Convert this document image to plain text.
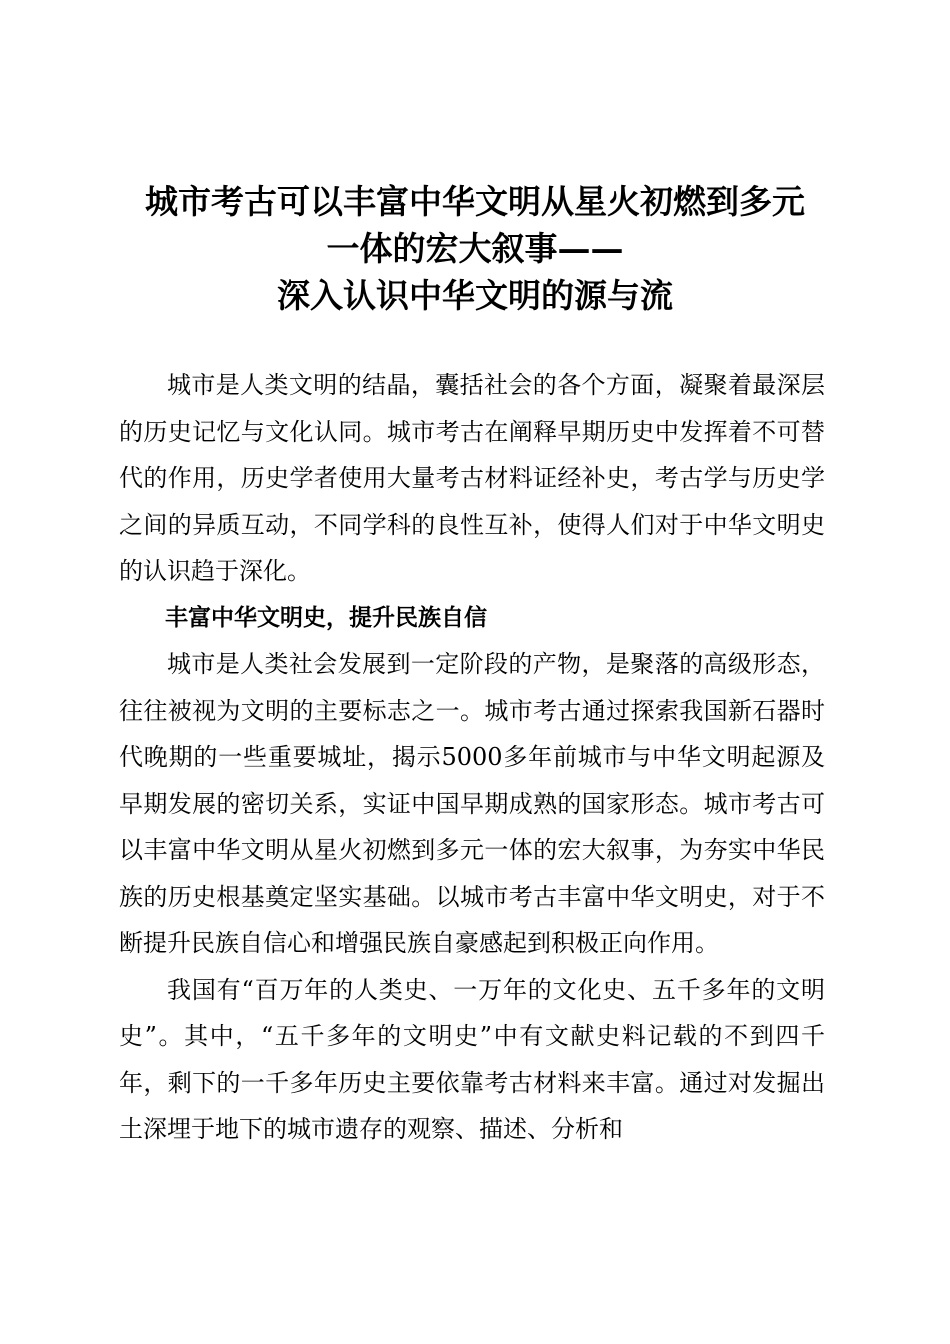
城市考古可以丰富中华文明从星火初燃到多元
一体的宏大叙事——
深入认识中华文明的源与流

城市是人类文明的结晶，囊括社会的各个方面，凝聚着最深层的历史记忆与文化认同。城市考古在阐释早期历史中发挥着不可替代的作用，历史学者使用大量考古材料证经补史，考古学与历史学之间的异质互动，不同学科的良性互补，使得人们对于中华文明史的认识趋于深化。

丰富中华文明史，提升民族自信

城市是人类社会发展到一定阶段的产物，是聚落的高级形态，往往被视为文明的主要标志之一。城市考古通过探索我国新石器时代晚期的一些重要城址，揭示5000多年前城市与中华文明起源及早期发展的密切关系，实证中国早期成熟的国家形态。城市考古可以丰富中华文明从星火初燃到多元一体的宏大叙事，为夯实中华民族的历史根基奠定坚实基础。以城市考古丰富中华文明史，对于不断提升民族自信心和增强民族自豪感起到积极正向作用。

我国有“百万年的人类史、一万年的文化史、五千多年的文明史”。其中，“五千多年的文明史”中有文献史料记载的不到四千年，剩下的一千多年历史主要依靠考古材料来丰富。通过对发掘出土深埋于地下的城市遗存的观察、描述、分析和
